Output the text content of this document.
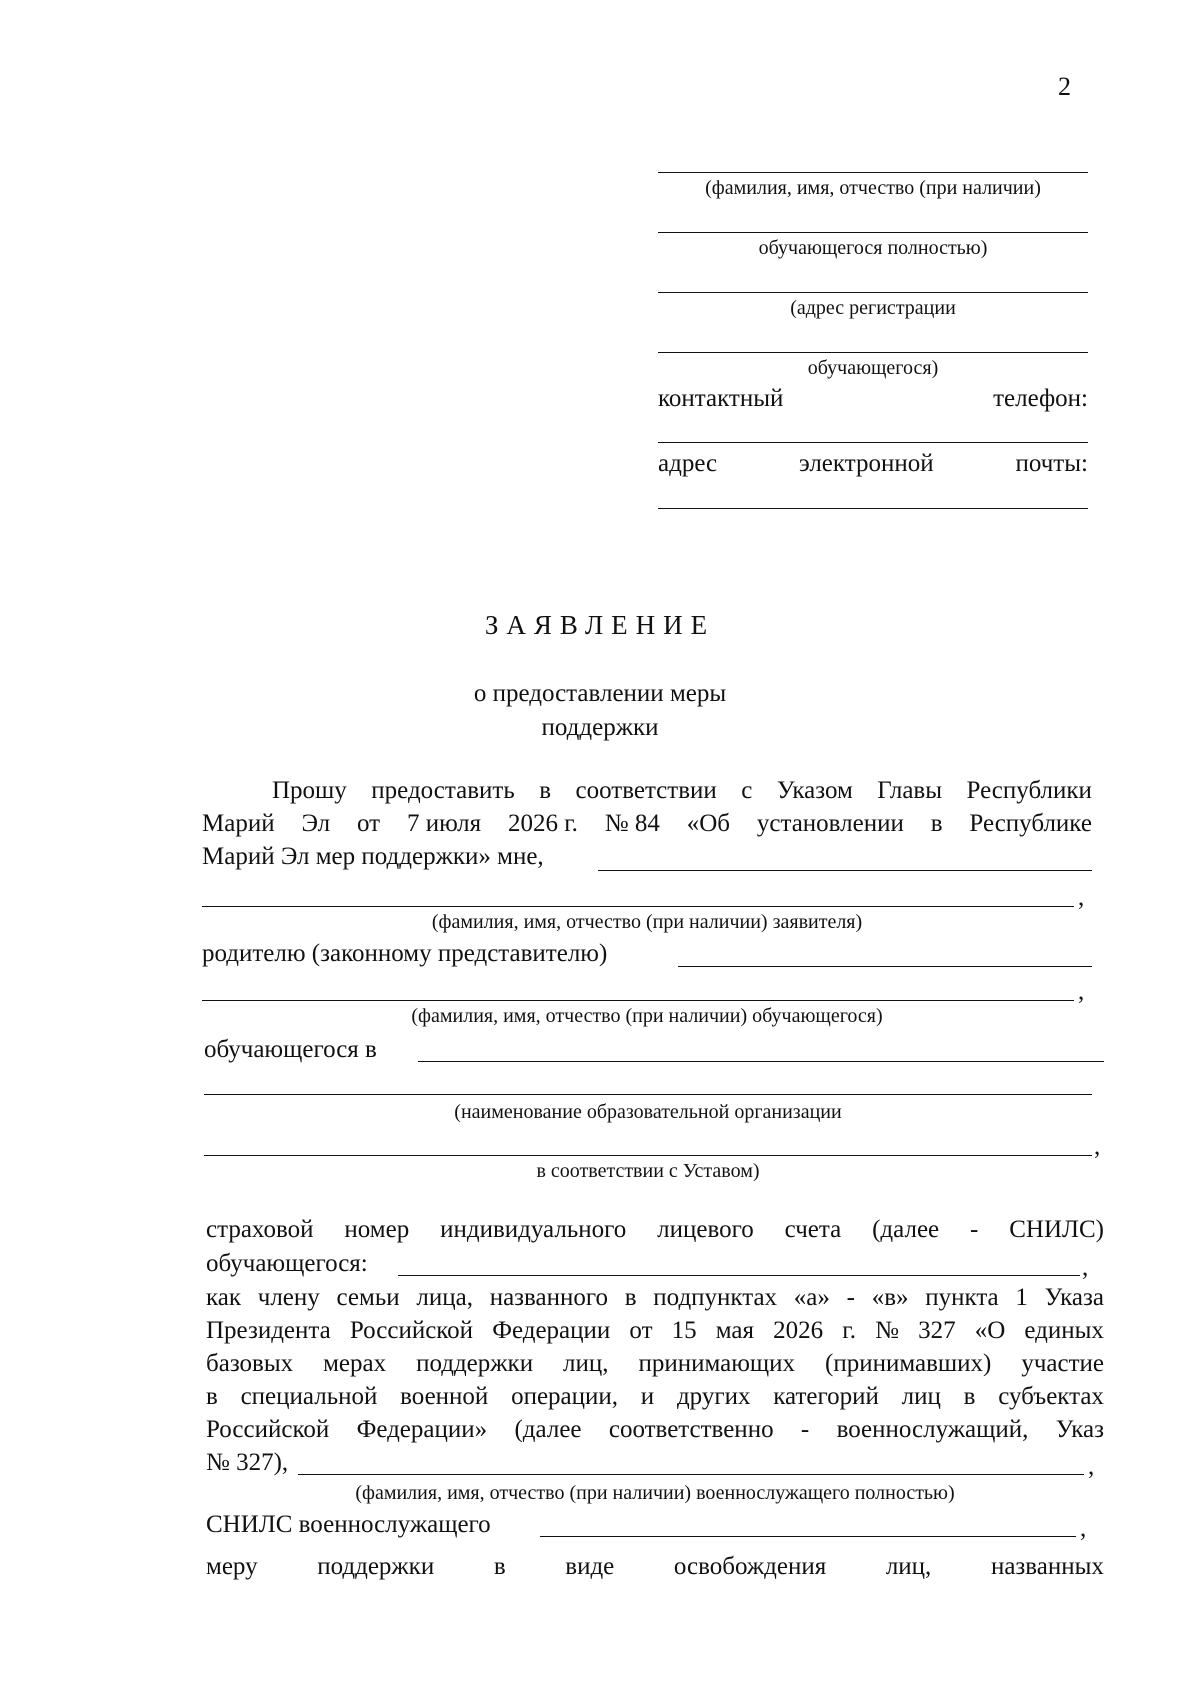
2
(фамилия, имя, отчество (при наличии)
обучающегося полностью)
(адрес регистрации
обучающегося)
контактный	телефон:
адрес	электронной	почты:
ЗАЯВЛЕНИЕ
о предоставлении меры
поддержки
Прошу предоставить в соответствии с Указом Главы Республики
Марий Эл от 7 июля 2026 г. № 84 «Об установлении в Республике
Марий Эл мер поддержки» мне,
,
(фамилия, имя, отчество (при наличии) заявителя)
родителю (законному представителю)
,
(фамилия, имя, отчество (при наличии) обучающегося)
обучающегося в
(наименование образовательной организации
,
в соответствии с Уставом)
страховой номер индивидуального лицевого счета (далее - СНИЛС)
обучающегося:	,
как члену семьи лица, названного в подпунктах «а» - «в» пункта 1 Указа
Президента Российской Федерации от 15 мая 2026 г. № 327 «О единых
базовых мерах поддержки лиц, принимающих (принимавших) участие
в специальной военной операции, и других категорий лиц в субъектах
Российской Федерации» (далее соответственно - военнослужащий, Указ
№ 327),	,
(фамилия, имя, отчество (при наличии) военнослужащего полностью)
СНИЛС военнослужащего	,
меру поддержки в виде освобождения лиц, названных
